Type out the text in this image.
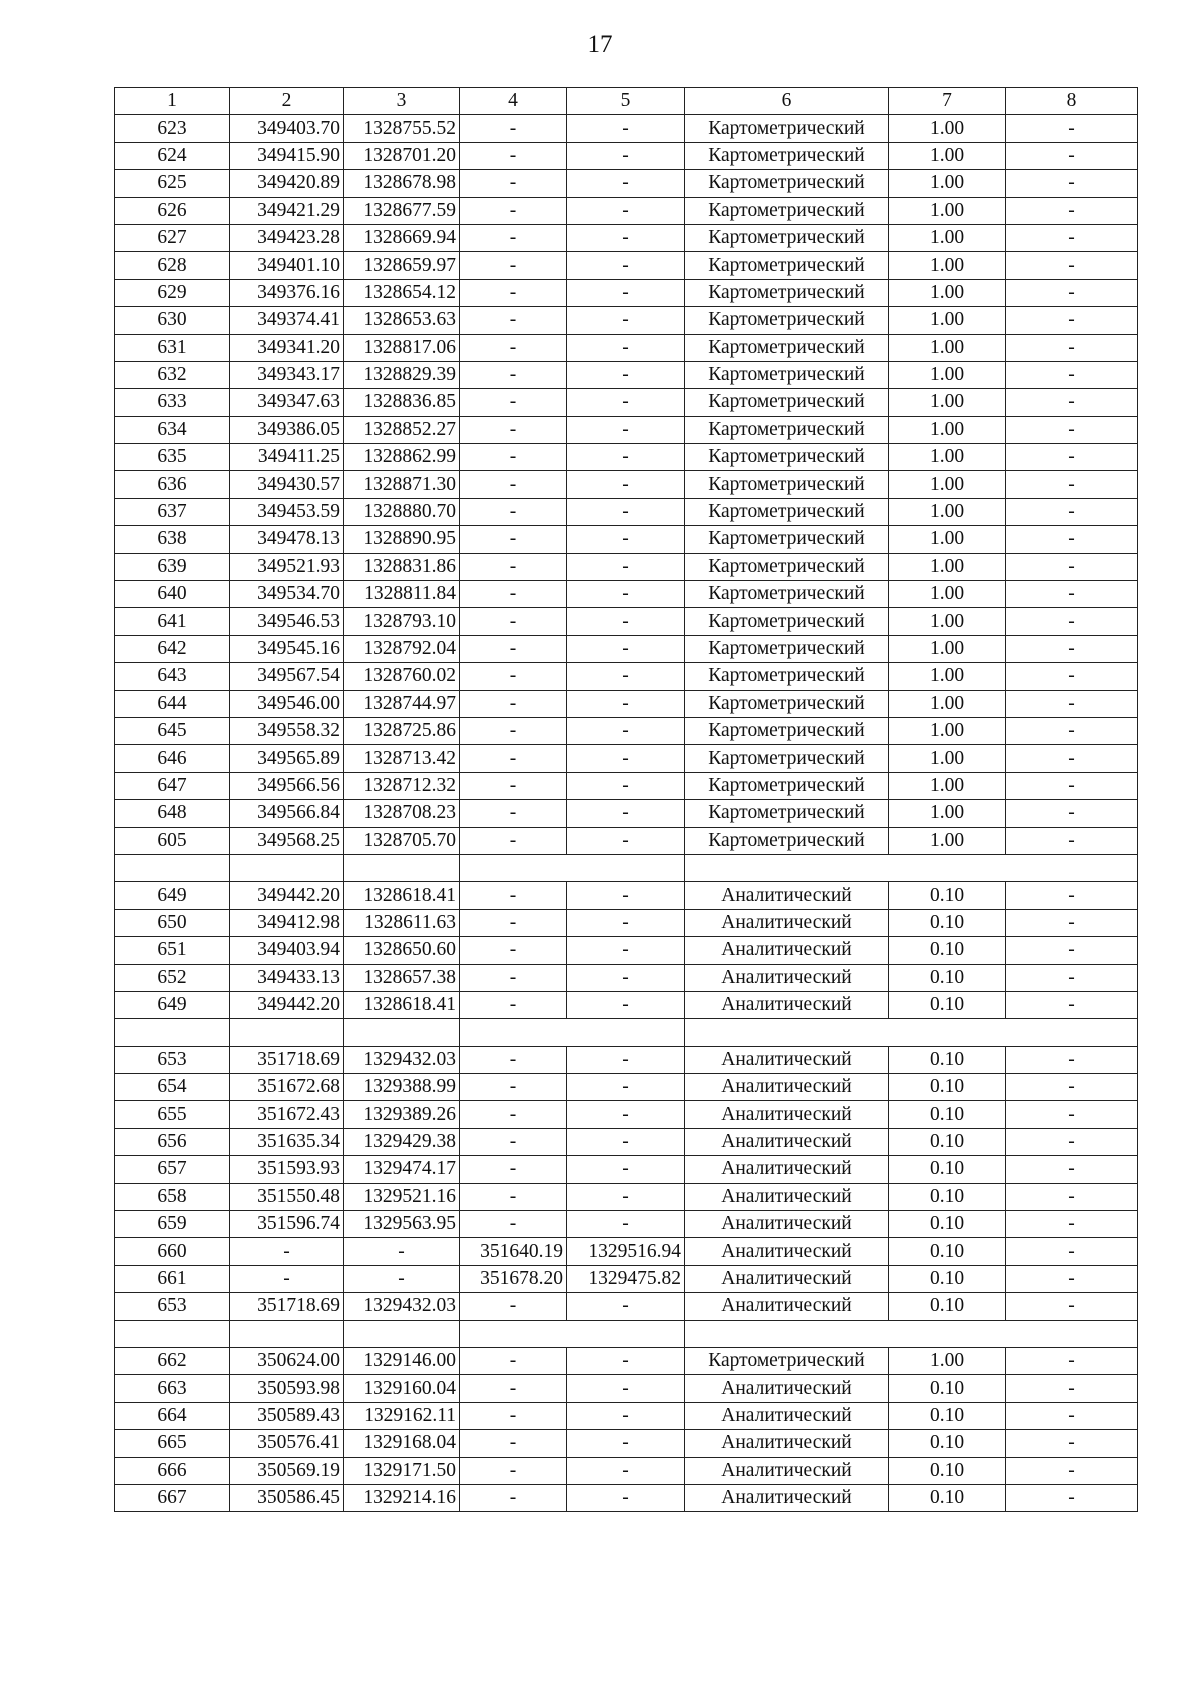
17
1	2	3	4	5	6	7	8
623	349403.70	1328755.52	-	-	Картометрический	1.00	-
624	349415.90	1328701.20	-	-	Картометрический	1.00	-
625	349420.89	1328678.98	-	-	Картометрический	1.00	-
626	349421.29	1328677.59	-	-	Картометрический	1.00	-
627	349423.28	1328669.94	-	-	Картометрический	1.00	-
628	349401.10	1328659.97	-	-	Картометрический	1.00	-
629	349376.16	1328654.12	-	-	Картометрический	1.00	-
630	349374.41	1328653.63	-	-	Картометрический	1.00	-
631	349341.20	1328817.06	-	-	Картометрический	1.00	-
632	349343.17	1328829.39	-	-	Картометрический	1.00	-
633	349347.63	1328836.85	-	-	Картометрический	1.00	-
634	349386.05	1328852.27	-	-	Картометрический	1.00	-
635	349411.25	1328862.99	-	-	Картометрический	1.00	-
636	349430.57	1328871.30	-	-	Картометрический	1.00	-
637	349453.59	1328880.70	-	-	Картометрический	1.00	-
638	349478.13	1328890.95	-	-	Картометрический	1.00	-
639	349521.93	1328831.86	-	-	Картометрический	1.00	-
640	349534.70	1328811.84	-	-	Картометрический	1.00	-
641	349546.53	1328793.10	-	-	Картометрический	1.00	-
642	349545.16	1328792.04	-	-	Картометрический	1.00	-
643	349567.54	1328760.02	-	-	Картометрический	1.00	-
644	349546.00	1328744.97	-	-	Картометрический	1.00	-
645	349558.32	1328725.86	-	-	Картометрический	1.00	-
646	349565.89	1328713.42	-	-	Картометрический	1.00	-
647	349566.56	1328712.32	-	-	Картометрический	1.00	-
648	349566.84	1328708.23	-	-	Картометрический	1.00	-
605	349568.25	1328705.70	-	-	Картометрический	1.00	-

649	349442.20	1328618.41	-	-	Аналитический	0.10	-
650	349412.98	1328611.63	-	-	Аналитический	0.10	-
651	349403.94	1328650.60	-	-	Аналитический	0.10	-
652	349433.13	1328657.38	-	-	Аналитический	0.10	-
649	349442.20	1328618.41	-	-	Аналитический	0.10	-

653	351718.69	1329432.03	-	-	Аналитический	0.10	-
654	351672.68	1329388.99	-	-	Аналитический	0.10	-
655	351672.43	1329389.26	-	-	Аналитический	0.10	-
656	351635.34	1329429.38	-	-	Аналитический	0.10	-
657	351593.93	1329474.17	-	-	Аналитический	0.10	-
658	351550.48	1329521.16	-	-	Аналитический	0.10	-
659	351596.74	1329563.95	-	-	Аналитический	0.10	-
660	-	-	351640.19	1329516.94	Аналитический	0.10	-
661	-	-	351678.20	1329475.82	Аналитический	0.10	-
653	351718.69	1329432.03	-	-	Аналитический	0.10	-

662	350624.00	1329146.00	-	-	Картометрический	1.00	-
663	350593.98	1329160.04	-	-	Аналитический	0.10	-
664	350589.43	1329162.11	-	-	Аналитический	0.10	-
665	350576.41	1329168.04	-	-	Аналитический	0.10	-
666	350569.19	1329171.50	-	-	Аналитический	0.10	-
667	350586.45	1329214.16	-	-	Аналитический	0.10	-
